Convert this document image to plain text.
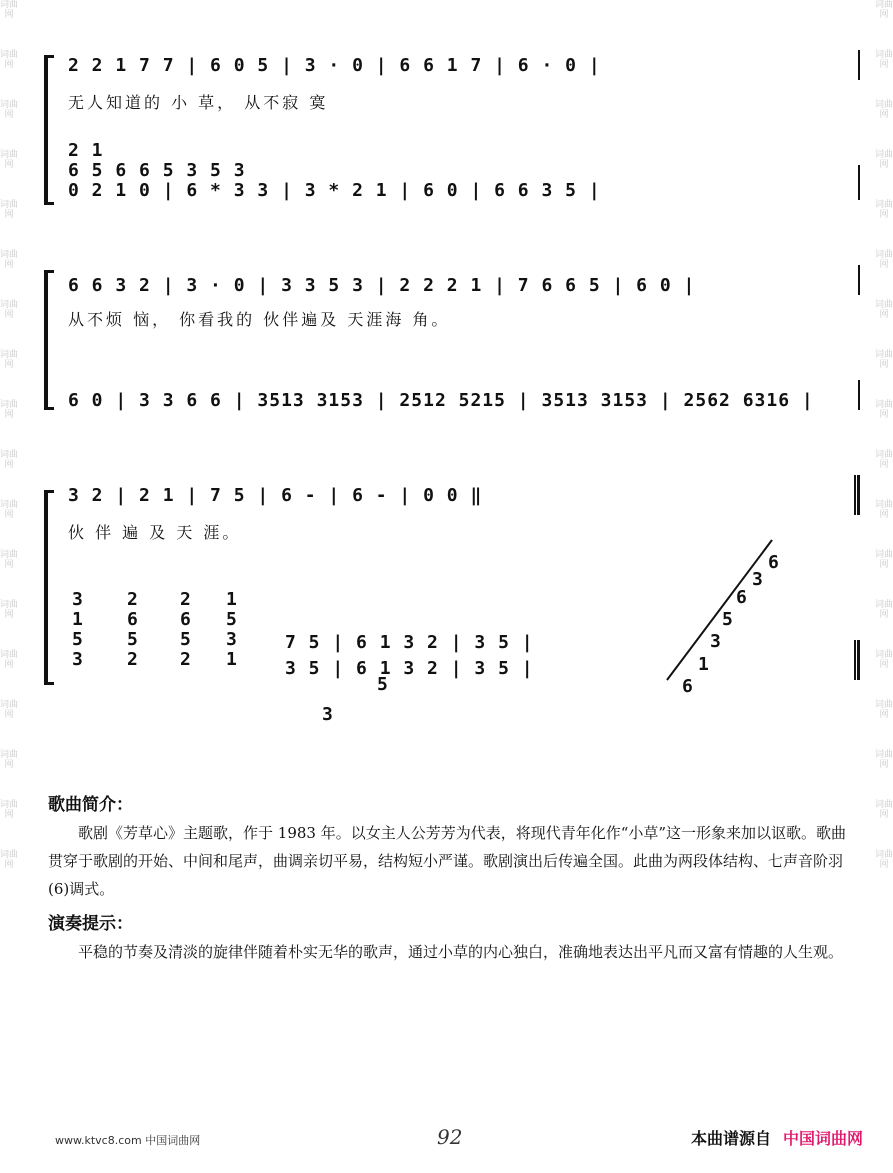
词曲网
词曲网
词曲网
词曲网
词曲网
词曲网
词曲网
词曲网
词曲网
词曲网
词曲网
词曲网
词曲网
词曲网
词曲网
词曲网
词曲网
词曲网
词曲网
词曲网
词曲网
词曲网
词曲网
词曲网
词曲网
词曲网
词曲网
词曲网
词曲网
词曲网
词曲网
词曲网
词曲网
词曲网
词曲网
词曲网
2 2 1 7 7 | 6 0 5 | 3 · 0 | 6 6 1 7 | 6 · 0 |
无人知道的 小 草， 从不寂 寞
2 1
6 5 6 6 5 3 5 3
0 2 1 0 | 6 * 3 3 | 3 * 2 1 | 6 0 | 6 6 3 5 |
6 6 3 2 | 3 · 0 | 3 3 5 3 | 2 2 2 1 | 7 6 6 5 | 6 0 |
从不烦 恼， 你看我的 伙伴遍及 天涯海 角。
6 0 | 3 3 6 6 | 3513 3153 | 2512 5215 | 3513 3153 | 2562 6316 |
3 2 | 2 1 | 7 5 | 6 - | 6 - | 0 0 ‖
伙 伴 遍 及 天 涯。
3
1
5
3
2
6
5
2
2
6
5
2
1
5
3
1
7 5 | 6 1 3 2 | 3 5 |
3 5 | 6 1 3 2 | 3 5 |
3
5	6
1
3
5
6
3
6
歌曲简介：

歌剧《芳草心》主题歌，作于 1983 年。以女主人公芳芳为代表，将现代青年化作“小草”这一形象来加以讴歌。歌曲贯穿于歌剧的开始、中间和尾声，曲调亲切平易，结构短小严谨。歌剧演出后传遍全国。此曲为两段体结构、七声音阶羽(6)调式。

演奏提示：

平稳的节奏及清淡的旋律伴随着朴实无华的歌声，通过小草的内心独白，准确地表达出平凡而又富有情趣的人生观。

www.ktvc8.com 中国词曲网	92	本曲谱源自 中国词曲网
